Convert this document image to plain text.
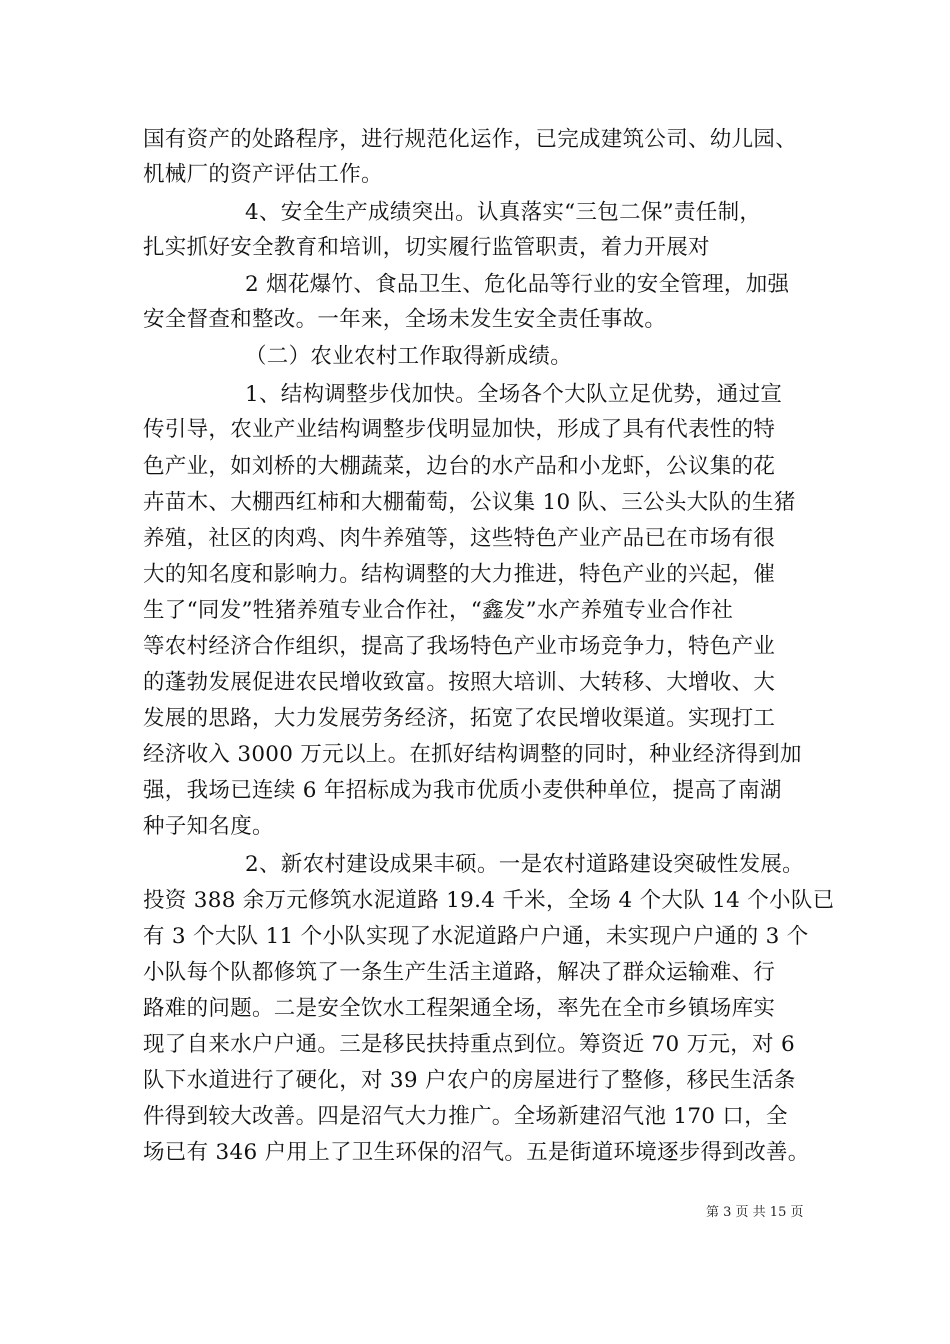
国有资产的处路程序，进行规范化运作，已完成建筑公司、幼儿园、
机械厂的资产评估工作。
4、安全生产成绩突出。认真落实“三包二保”责任制，
扎实抓好安全教育和培训，切实履行监管职责，着力开展对
2 烟花爆竹、食品卫生、危化品等行业的安全管理，加强
安全督查和整改。一年来，全场未发生安全责任事故。
（二）农业农村工作取得新成绩。
1、结构调整步伐加快。全场各个大队立足优势，通过宣
传引导，农业产业结构调整步伐明显加快，形成了具有代表性的特
色产业，如刘桥的大棚蔬菜，边台的水产品和小龙虾，公议集的花
卉苗木、大棚西红柿和大棚葡萄，公议集 10 队、三公头大队的生猪
养殖，社区的肉鸡、肉牛养殖等，这些特色产业产品已在市场有很
大的知名度和影响力。结构调整的大力推进，特色产业的兴起，催
生了“同发”牲猪养殖专业合作社，“鑫发”水产养殖专业合作社
等农村经济合作组织，提高了我场特色产业市场竞争力，特色产业
的蓬勃发展促进农民增收致富。按照大培训、大转移、大增收、大
发展的思路，大力发展劳务经济，拓宽了农民增收渠道。实现打工
经济收入 3000 万元以上。在抓好结构调整的同时，种业经济得到加
强，我场已连续 6 年招标成为我市优质小麦供种单位，提高了南湖
种子知名度。
2、新农村建设成果丰硕。一是农村道路建设突破性发展。
投资 388 余万元修筑水泥道路 19.4 千米，全场 4 个大队 14 个小队已
有 3 个大队 11 个小队实现了水泥道路户户通，未实现户户通的 3 个
小队每个队都修筑了一条生产生活主道路，解决了群众运输难、行
路难的问题。二是安全饮水工程架通全场，率先在全市乡镇场库实
现了自来水户户通。三是移民扶持重点到位。筹资近 70 万元，对 6
队下水道进行了硬化，对 39 户农户的房屋进行了整修，移民生活条
件得到较大改善。四是沼气大力推广。全场新建沼气池 170 口，全
场已有 346 户用上了卫生环保的沼气。五是街道环境逐步得到改善。
第 3 页 共 15 页
